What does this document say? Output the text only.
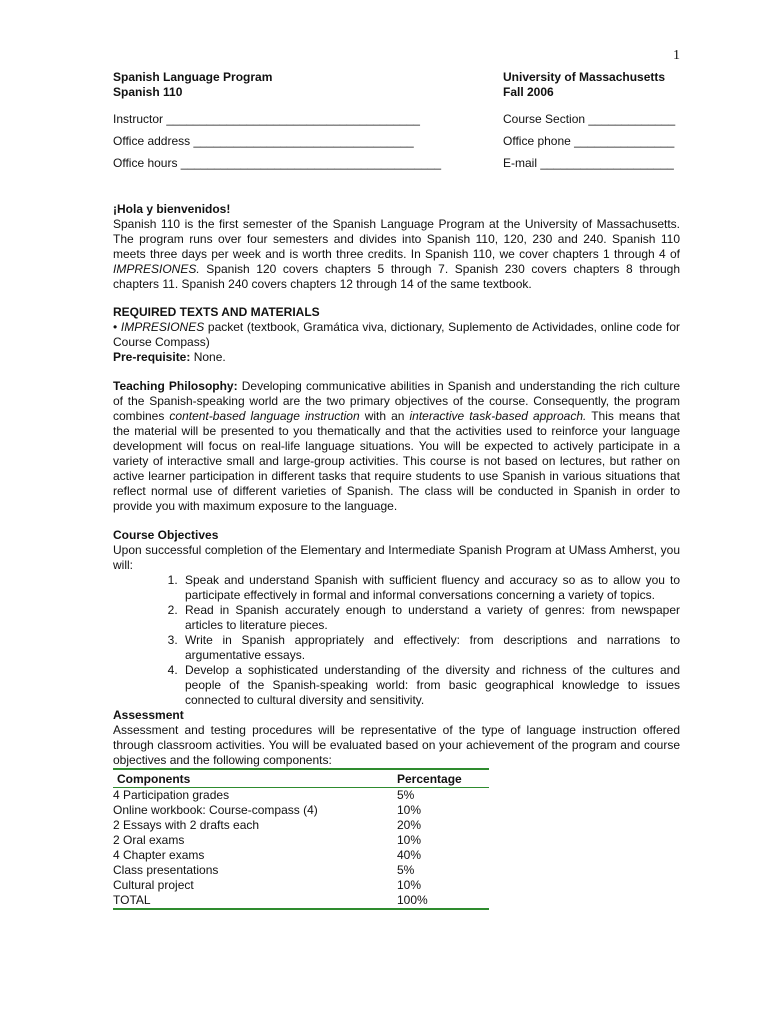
1
Spanish Language Program
Spanish 110
University of Massachusetts
Fall 2006
Instructor ______________________________________	Course Section _____________
Office address _________________________________	Office phone _______________
Office hours _______________________________________	E-mail ____________________
¡Hola y bienvenidos!

Spanish 110 is the first semester of the Spanish Language Program at the University of Massachusetts. The program runs over four semesters and divides into Spanish 110, 120, 230 and 240. Spanish 110 meets three days per week and is worth three credits. In Spanish 110, we cover chapters 1 through 4 of IMPRESIONES. Spanish 120 covers chapters 5 through 7. Spanish 230 covers chapters 8 through chapters 11. Spanish 240 covers chapters 12 through 14 of the same textbook.

REQUIRED TEXTS AND MATERIALS

• IMPRESIONES packet (textbook, Gramática viva, dictionary, Suplemento de Actividades, online code for Course Compass)

Pre-requisite: None.

Teaching Philosophy: Developing communicative abilities in Spanish and understanding the rich culture of the Spanish-speaking world are the two primary objectives of the course. Consequently, the program combines content-based language instruction with an interactive task-based approach. This means that the material will be presented to you thematically and that the activities used to reinforce your language development will focus on real-life language situations. You will be expected to actively participate in a variety of interactive small and large-group activities. This course is not based on lectures, but rather on active learner participation in different tasks that require students to use Spanish in various situations that reflect normal use of different varieties of Spanish. The class will be conducted in Spanish in order to provide you with maximum exposure to the language.

Course Objectives

Upon successful completion of the Elementary and Intermediate Spanish Program at UMass Amherst, you will:

1. Speak and understand Spanish with sufficient fluency and accuracy so as to allow you to participate effectively in formal and informal conversations concerning a variety of topics.
2. Read in Spanish accurately enough to understand a variety of genres: from newspaper articles to literature pieces.
3. Write in Spanish appropriately and effectively: from descriptions and narrations to argumentative essays.
4. Develop a sophisticated understanding of the diversity and richness of the cultures and people of the Spanish-speaking world: from basic geographical knowledge to issues connected to cultural diversity and sensitivity.
Assessment

Assessment and testing procedures will be representative of the type of language instruction offered through classroom activities. You will be evaluated based on your achievement of the program and course objectives and the following components:

Components	Percentage
4 Participation grades	5%
Online workbook: Course-compass (4)	10%
2 Essays with 2 drafts each	20%
2 Oral exams	10%
4 Chapter exams	40%
Class presentations	5%
Cultural project	10%
TOTAL	100%
